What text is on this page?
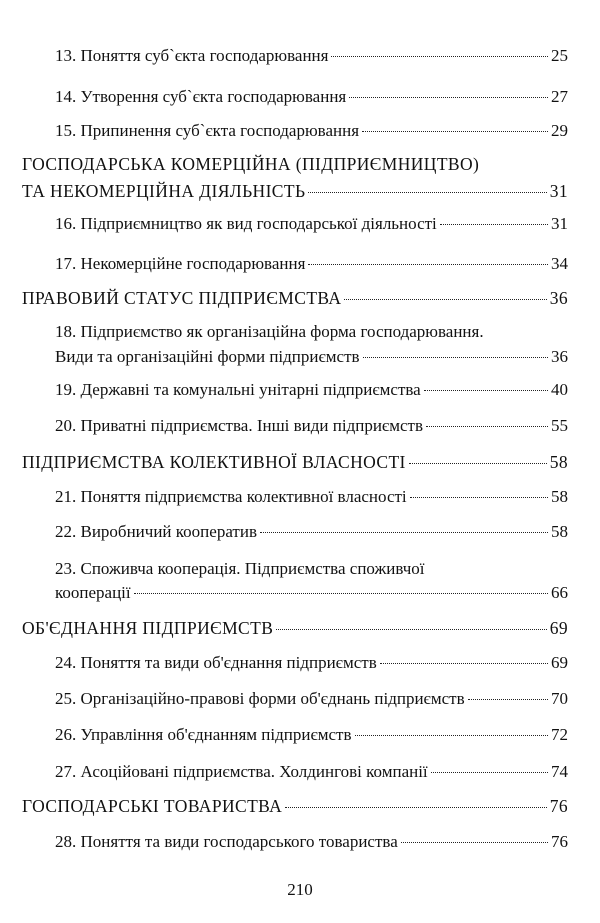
13. Поняття суб`єкта господарювання	25
14. Утворення суб`єкта господарювання	27
15. Припинення суб`єкта господарювання	29
ГОСПОДАРСЬКА КОМЕРЦІЙНА (ПІДПРИЄМНИЦТВО)
ТА НЕКОМЕРЦІЙНА ДІЯЛЬНІСТЬ	31
16. Підприємництво як вид господарської діяльності	31
17. Некомерційне господарювання	34
ПРАВОВИЙ СТАТУС ПІДПРИЄМСТВА	36
18. Підприємство як організаційна форма господарювання.
Види та організаційні форми підприємств	36
19. Державні та комунальні унітарні підприємства	40
20. Приватні підприємства. Інші види підприємств	55
ПІДПРИЄМСТВА КОЛЕКТИВНОЇ ВЛАСНОСТІ	58
21. Поняття підприємства колективної власності	58
22. Виробничий кооператив	58
23. Споживча кооперація. Підприємства споживчої
кооперації	66
ОБ'ЄДНАННЯ ПІДПРИЄМСТВ	69
24. Поняття та види об'єднання підприємств	69
25. Організаційно-правові форми об'єднань підприємств	70
26. Управління об'єднанням підприємств	72
27. Асоційовані підприємства. Холдингові компанії	74
ГОСПОДАРСЬКІ ТОВАРИСТВА	76
28. Поняття та види господарського товариства	76
210
